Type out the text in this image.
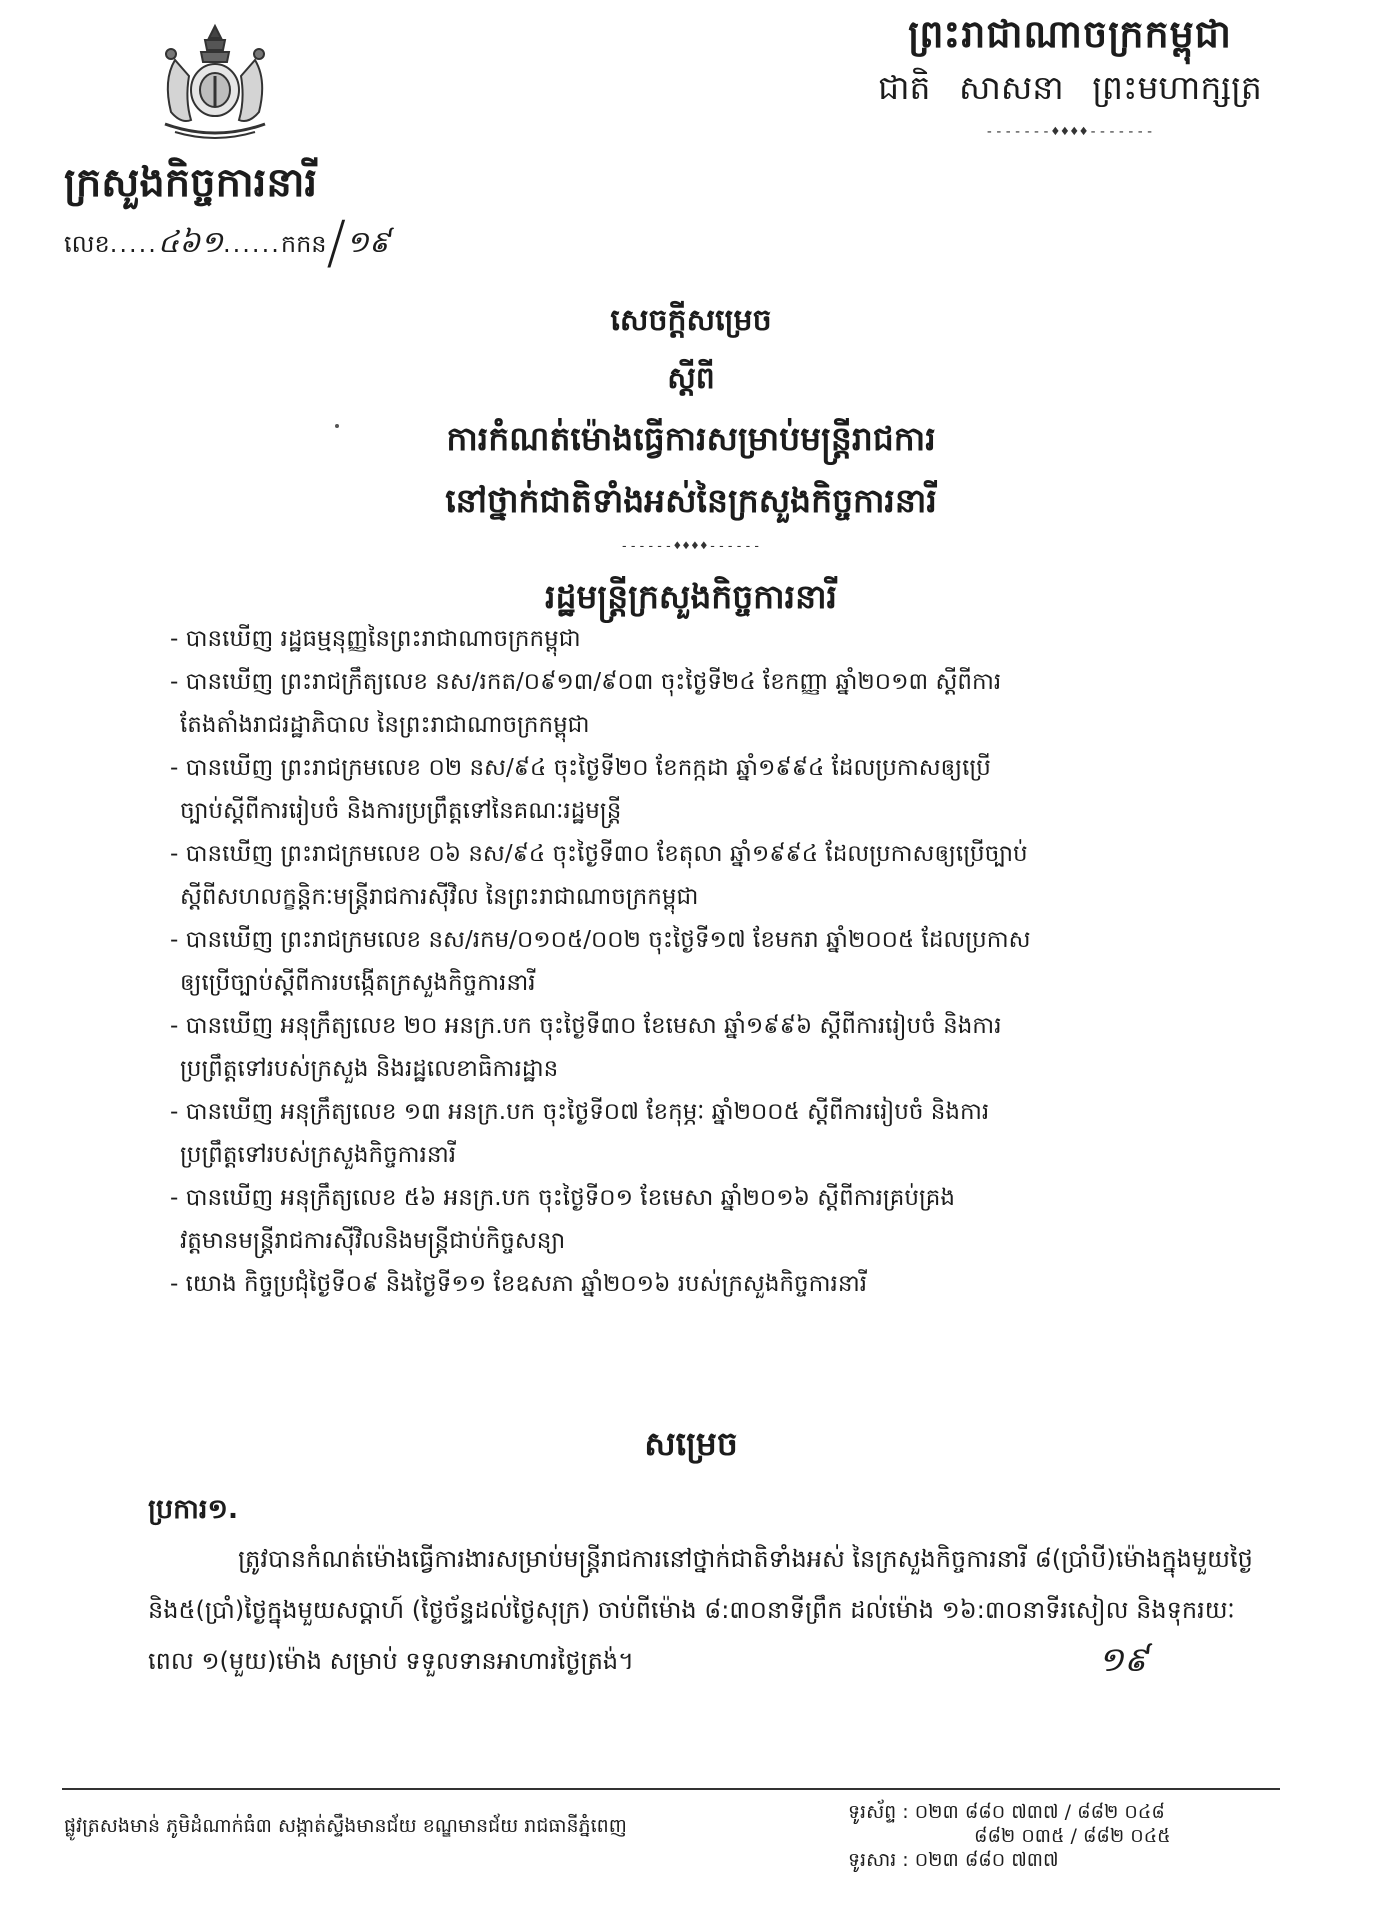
ព្រះរាជាណាចក្រកម្ពុជា
ជាតិ សាសនា ព្រះមហាក្សត្រ
-------♦♦♦♦-------
ក្រសួងកិច្ចការនារី
លេខ.....៤៦១......កកន/១៩
សេចក្តីសម្រេច
ស្តីពី
ការកំណត់ម៉ោងធ្វើការសម្រាប់មន្ត្រីរាជការ
នៅថ្នាក់ជាតិទាំងអស់នៃក្រសួងកិច្ចការនារី
------♦♦♦♦------
រដ្ឋមន្ត្រីក្រសួងកិច្ចការនារី
- បានឃើញ រដ្ឋធម្មនុញ្ញនៃព្រះរាជាណាចក្រកម្ពុជា
- បានឃើញ ព្រះរាជក្រឹត្យលេខ នស/រកត/០៩១៣/៩០៣ ចុះថ្ងៃទី២៤ ខែកញ្ញា ឆ្នាំ២០១៣ ស្តីពីការ
តែងតាំងរាជរដ្ឋាភិបាល នៃព្រះរាជាណាចក្រកម្ពុជា
- បានឃើញ ព្រះរាជក្រមលេខ ០២ នស/៩៤ ចុះថ្ងៃទី២០ ខែកក្កដា ឆ្នាំ១៩៩៤ ដែលប្រកាសឲ្យប្រើ
ច្បាប់ស្តីពីការរៀបចំ និងការប្រព្រឹត្តទៅនៃគណៈរដ្ឋមន្ត្រី
- បានឃើញ ព្រះរាជក្រមលេខ ០៦ នស/៩៤ ចុះថ្ងៃទី៣០ ខែតុលា ឆ្នាំ១៩៩៤ ដែលប្រកាសឲ្យប្រើច្បាប់
ស្តីពីសហលក្ខន្តិកៈមន្ត្រីរាជការស៊ីវិល នៃព្រះរាជាណាចក្រកម្ពុជា
- បានឃើញ ព្រះរាជក្រមលេខ នស/រកម/០១០៥/០០២ ចុះថ្ងៃទី១៧ ខែមករា ឆ្នាំ២០០៥ ដែលប្រកាស
ឲ្យប្រើច្បាប់ស្តីពីការបង្កើតក្រសួងកិច្ចការនារី
- បានឃើញ អនុក្រឹត្យលេខ ២០ អនក្រ.បក ចុះថ្ងៃទី៣០ ខែមេសា ឆ្នាំ១៩៩៦ ស្តីពីការរៀបចំ និងការ
ប្រព្រឹត្តទៅរបស់ក្រសួង និងរដ្ឋលេខាធិការដ្ឋាន
- បានឃើញ អនុក្រឹត្យលេខ ១៣ អនក្រ.បក ចុះថ្ងៃទី០៧ ខែកុម្ភៈ ឆ្នាំ២០០៥ ស្តីពីការរៀបចំ និងការ
ប្រព្រឹត្តទៅរបស់ក្រសួងកិច្ចការនារី
- បានឃើញ អនុក្រឹត្យលេខ ៥៦ អនក្រ.បក ចុះថ្ងៃទី០១ ខែមេសា ឆ្នាំ២០១៦ ស្តីពីការគ្រប់គ្រង
វត្តមានមន្ត្រីរាជការស៊ីវិលនិងមន្ត្រីជាប់កិច្ចសន្យា
- យោង កិច្ចប្រជុំថ្ងៃទី០៩ និងថ្ងៃទី១១ ខែឧសភា ឆ្នាំ២០១៦ របស់ក្រសួងកិច្ចការនារី
សម្រេច
ប្រការ១.
ត្រូវបានកំណត់ម៉ោងធ្វើការងារសម្រាប់មន្ត្រីរាជការនៅថ្នាក់ជាតិទាំងអស់ នៃក្រសួងកិច្ចការនារី ៨(ប្រាំបី)ម៉ោងក្នុងមួយថ្ងៃ និង៥(ប្រាំ)ថ្ងៃក្នុងមួយសប្តាហ៍ (ថ្ងៃច័ន្ទដល់ថ្ងៃសុក្រ) ចាប់ពីម៉ោង ៨:៣០នាទីព្រឹក ដល់ម៉ោង ១៦:៣០នាទីរសៀល និងទុករយៈពេល ១(មួយ)ម៉ោង សម្រាប់ ទទួលទានអាហារថ្ងៃត្រង់។	១៩
ផ្លូវត្រសងមាន់ ភូមិដំណាក់ធំ៣ សង្កាត់ស្ទឹងមានជ័យ ខណ្ឌមានជ័យ រាជធានីភ្នំពេញ
ទូរស័ព្ទ : ០២៣ ៨៨០ ៧៣៧ / ៨៨២ ០៤៨
៨៨២ ០៣៥ / ៨៨២ ០៤៥
ទូរសារ : ០២៣ ៨៨០ ៧៣៧
